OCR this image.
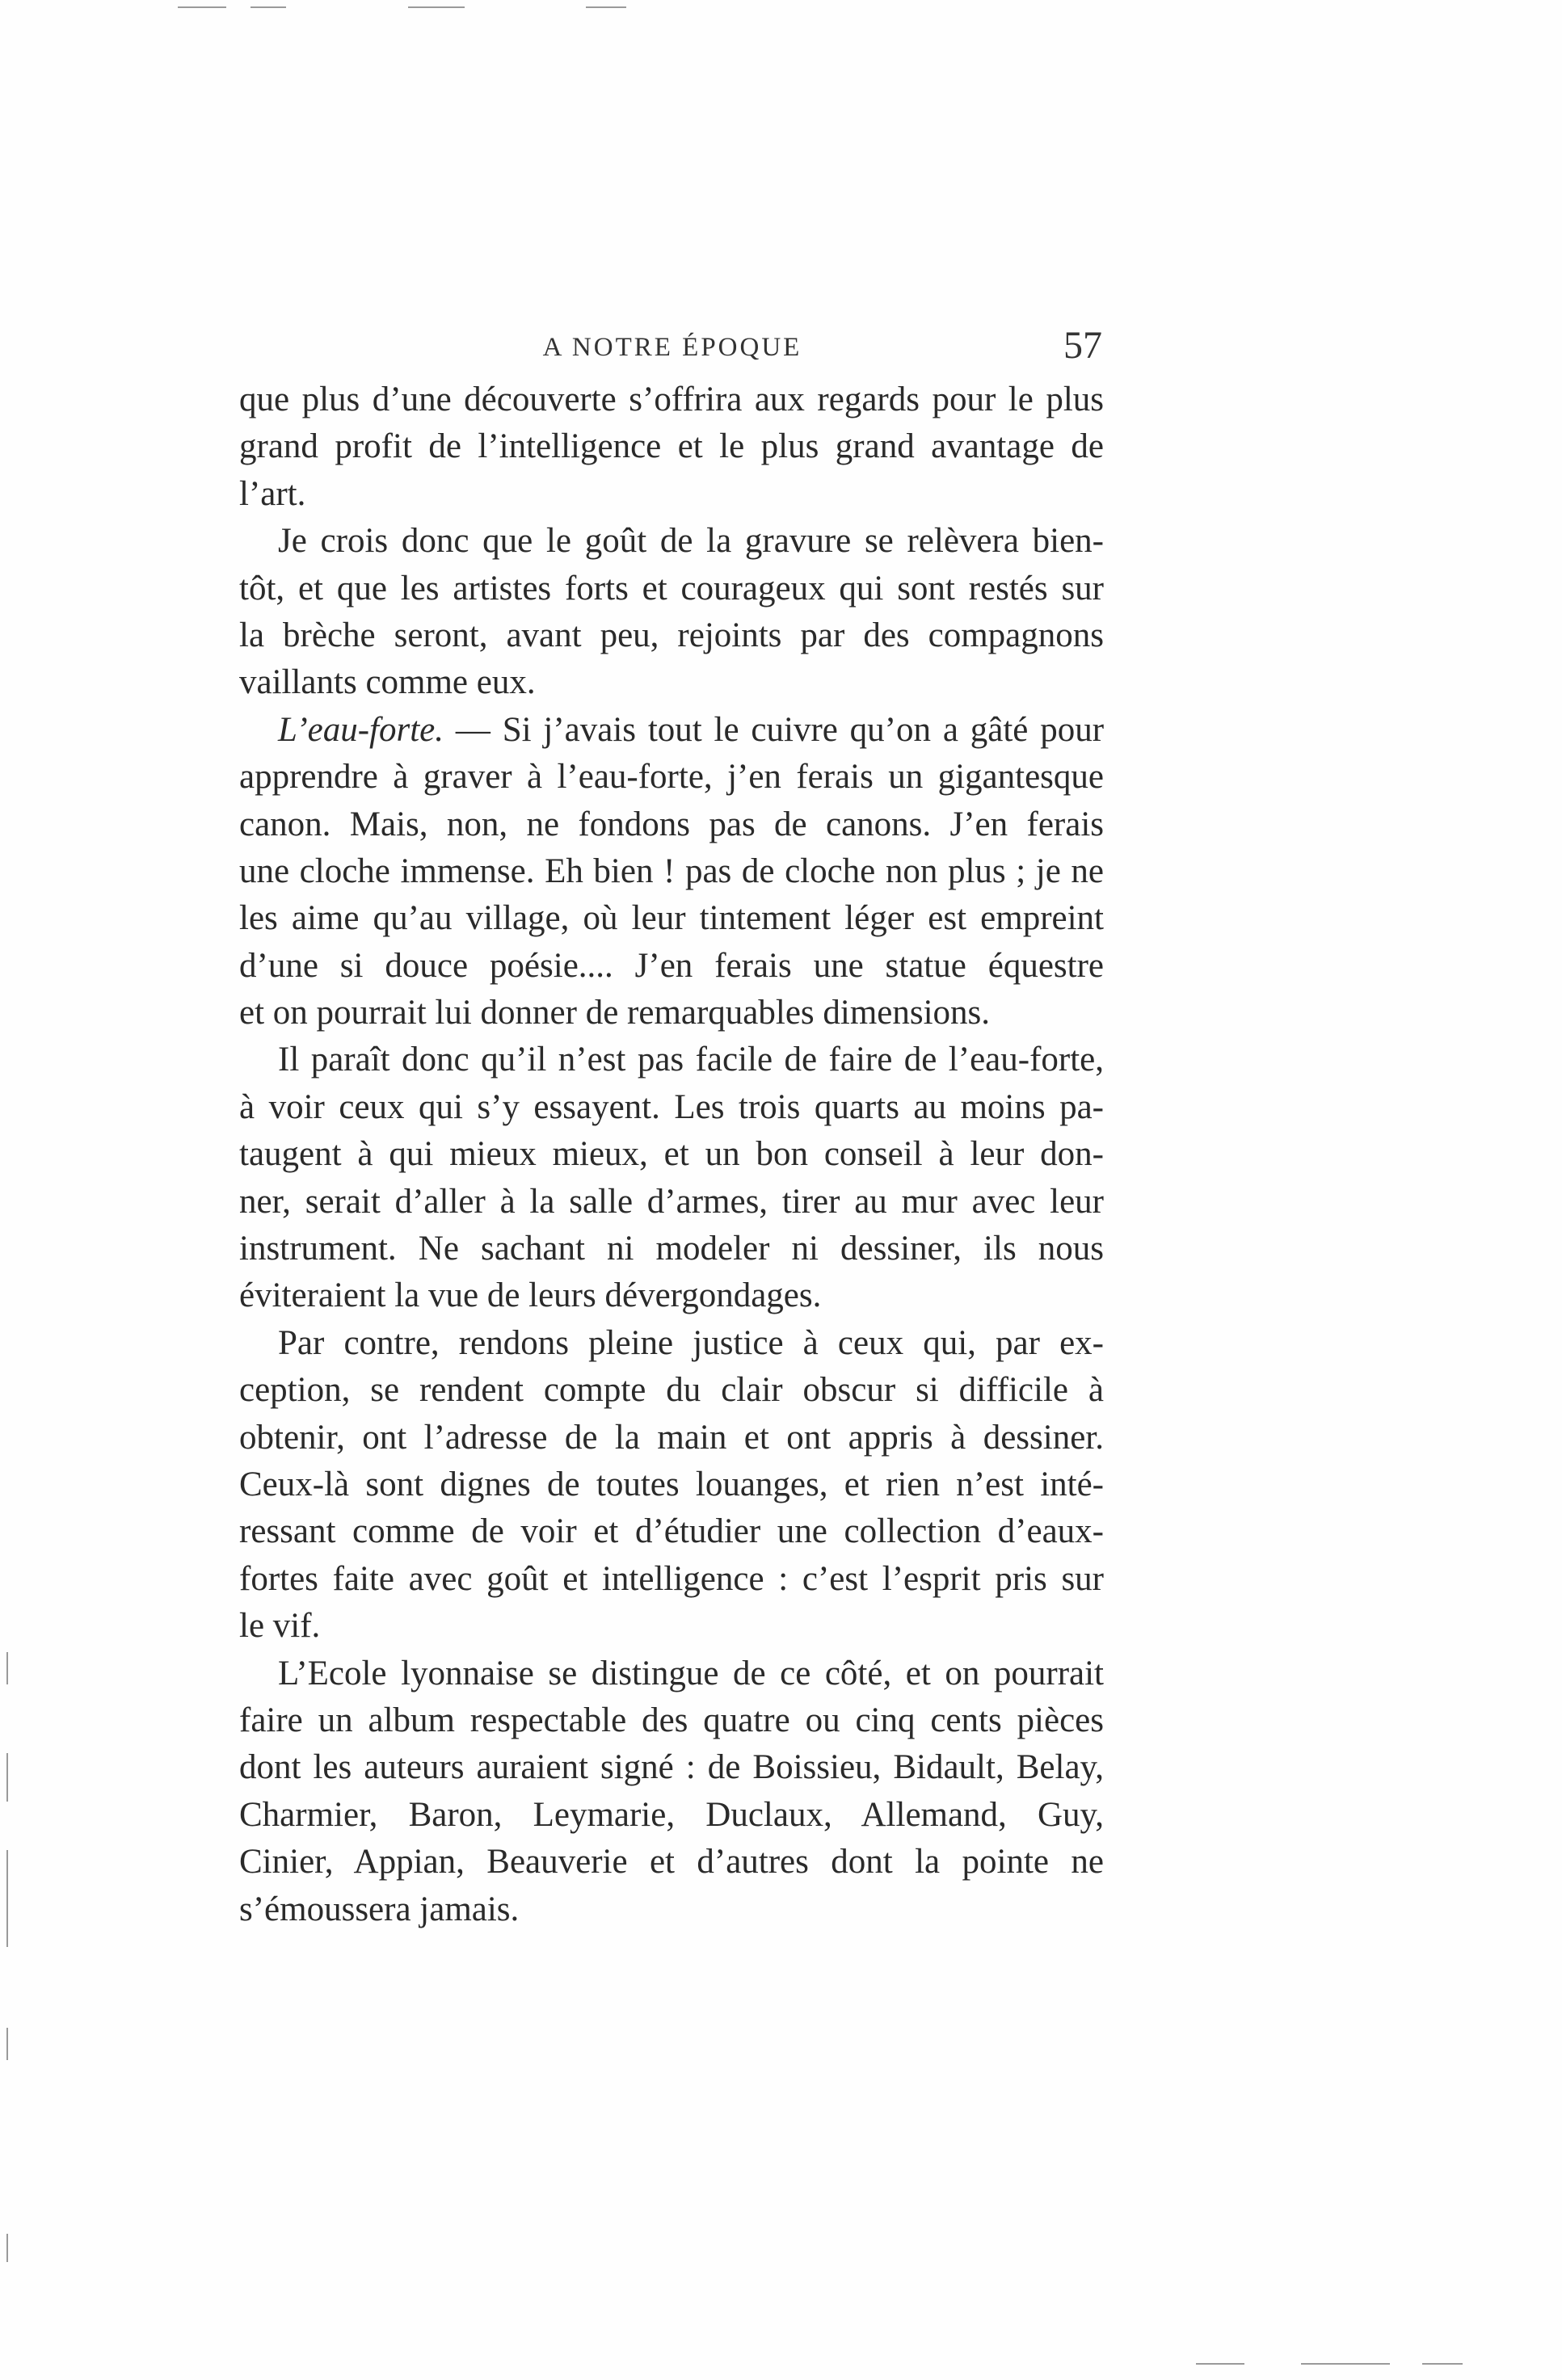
A NOTRE ÉPOQUE	57
que plus d’une découverte s’offrira aux regards pour le plus
grand profit de l’intelligence et le plus grand avantage de
l’art.
Je crois donc que le goût de la gravure se relèvera bien-
tôt, et que les artistes forts et courageux qui sont restés sur
la brèche seront, avant peu, rejoints par des compagnons
vaillants comme eux.
L’eau-forte. — Si j’avais tout le cuivre qu’on a gâté pour
apprendre à graver à l’eau-forte, j’en ferais un gigantesque
canon. Mais, non, ne fondons pas de canons. J’en ferais
une cloche immense. Eh bien ! pas de cloche non plus ; je ne
les aime qu’au village, où leur tintement léger est empreint
d’une si douce poésie.... J’en ferais une statue équestre
et on pourrait lui donner de remarquables dimensions.
Il paraît donc qu’il n’est pas facile de faire de l’eau-forte,
à voir ceux qui s’y essayent. Les trois quarts au moins pa-
taugent à qui mieux mieux, et un bon conseil à leur don-
ner, serait d’aller à la salle d’armes, tirer au mur avec leur
instrument. Ne sachant ni modeler ni dessiner, ils nous
éviteraient la vue de leurs dévergondages.
Par contre, rendons pleine justice à ceux qui, par ex-
ception, se rendent compte du clair obscur si difficile à
obtenir, ont l’adresse de la main et ont appris à dessiner.
Ceux-là sont dignes de toutes louanges, et rien n’est inté-
ressant comme de voir et d’étudier une collection d’eaux-
fortes faite avec goût et intelligence : c’est l’esprit pris sur
le vif.
L’Ecole lyonnaise se distingue de ce côté, et on pourrait
faire un album respectable des quatre ou cinq cents pièces
dont les auteurs auraient signé : de Boissieu, Bidault, Belay,
Charmier, Baron, Leymarie, Duclaux, Allemand, Guy,
Cinier, Appian, Beauverie et d’autres dont la pointe ne
s’émoussera jamais.
